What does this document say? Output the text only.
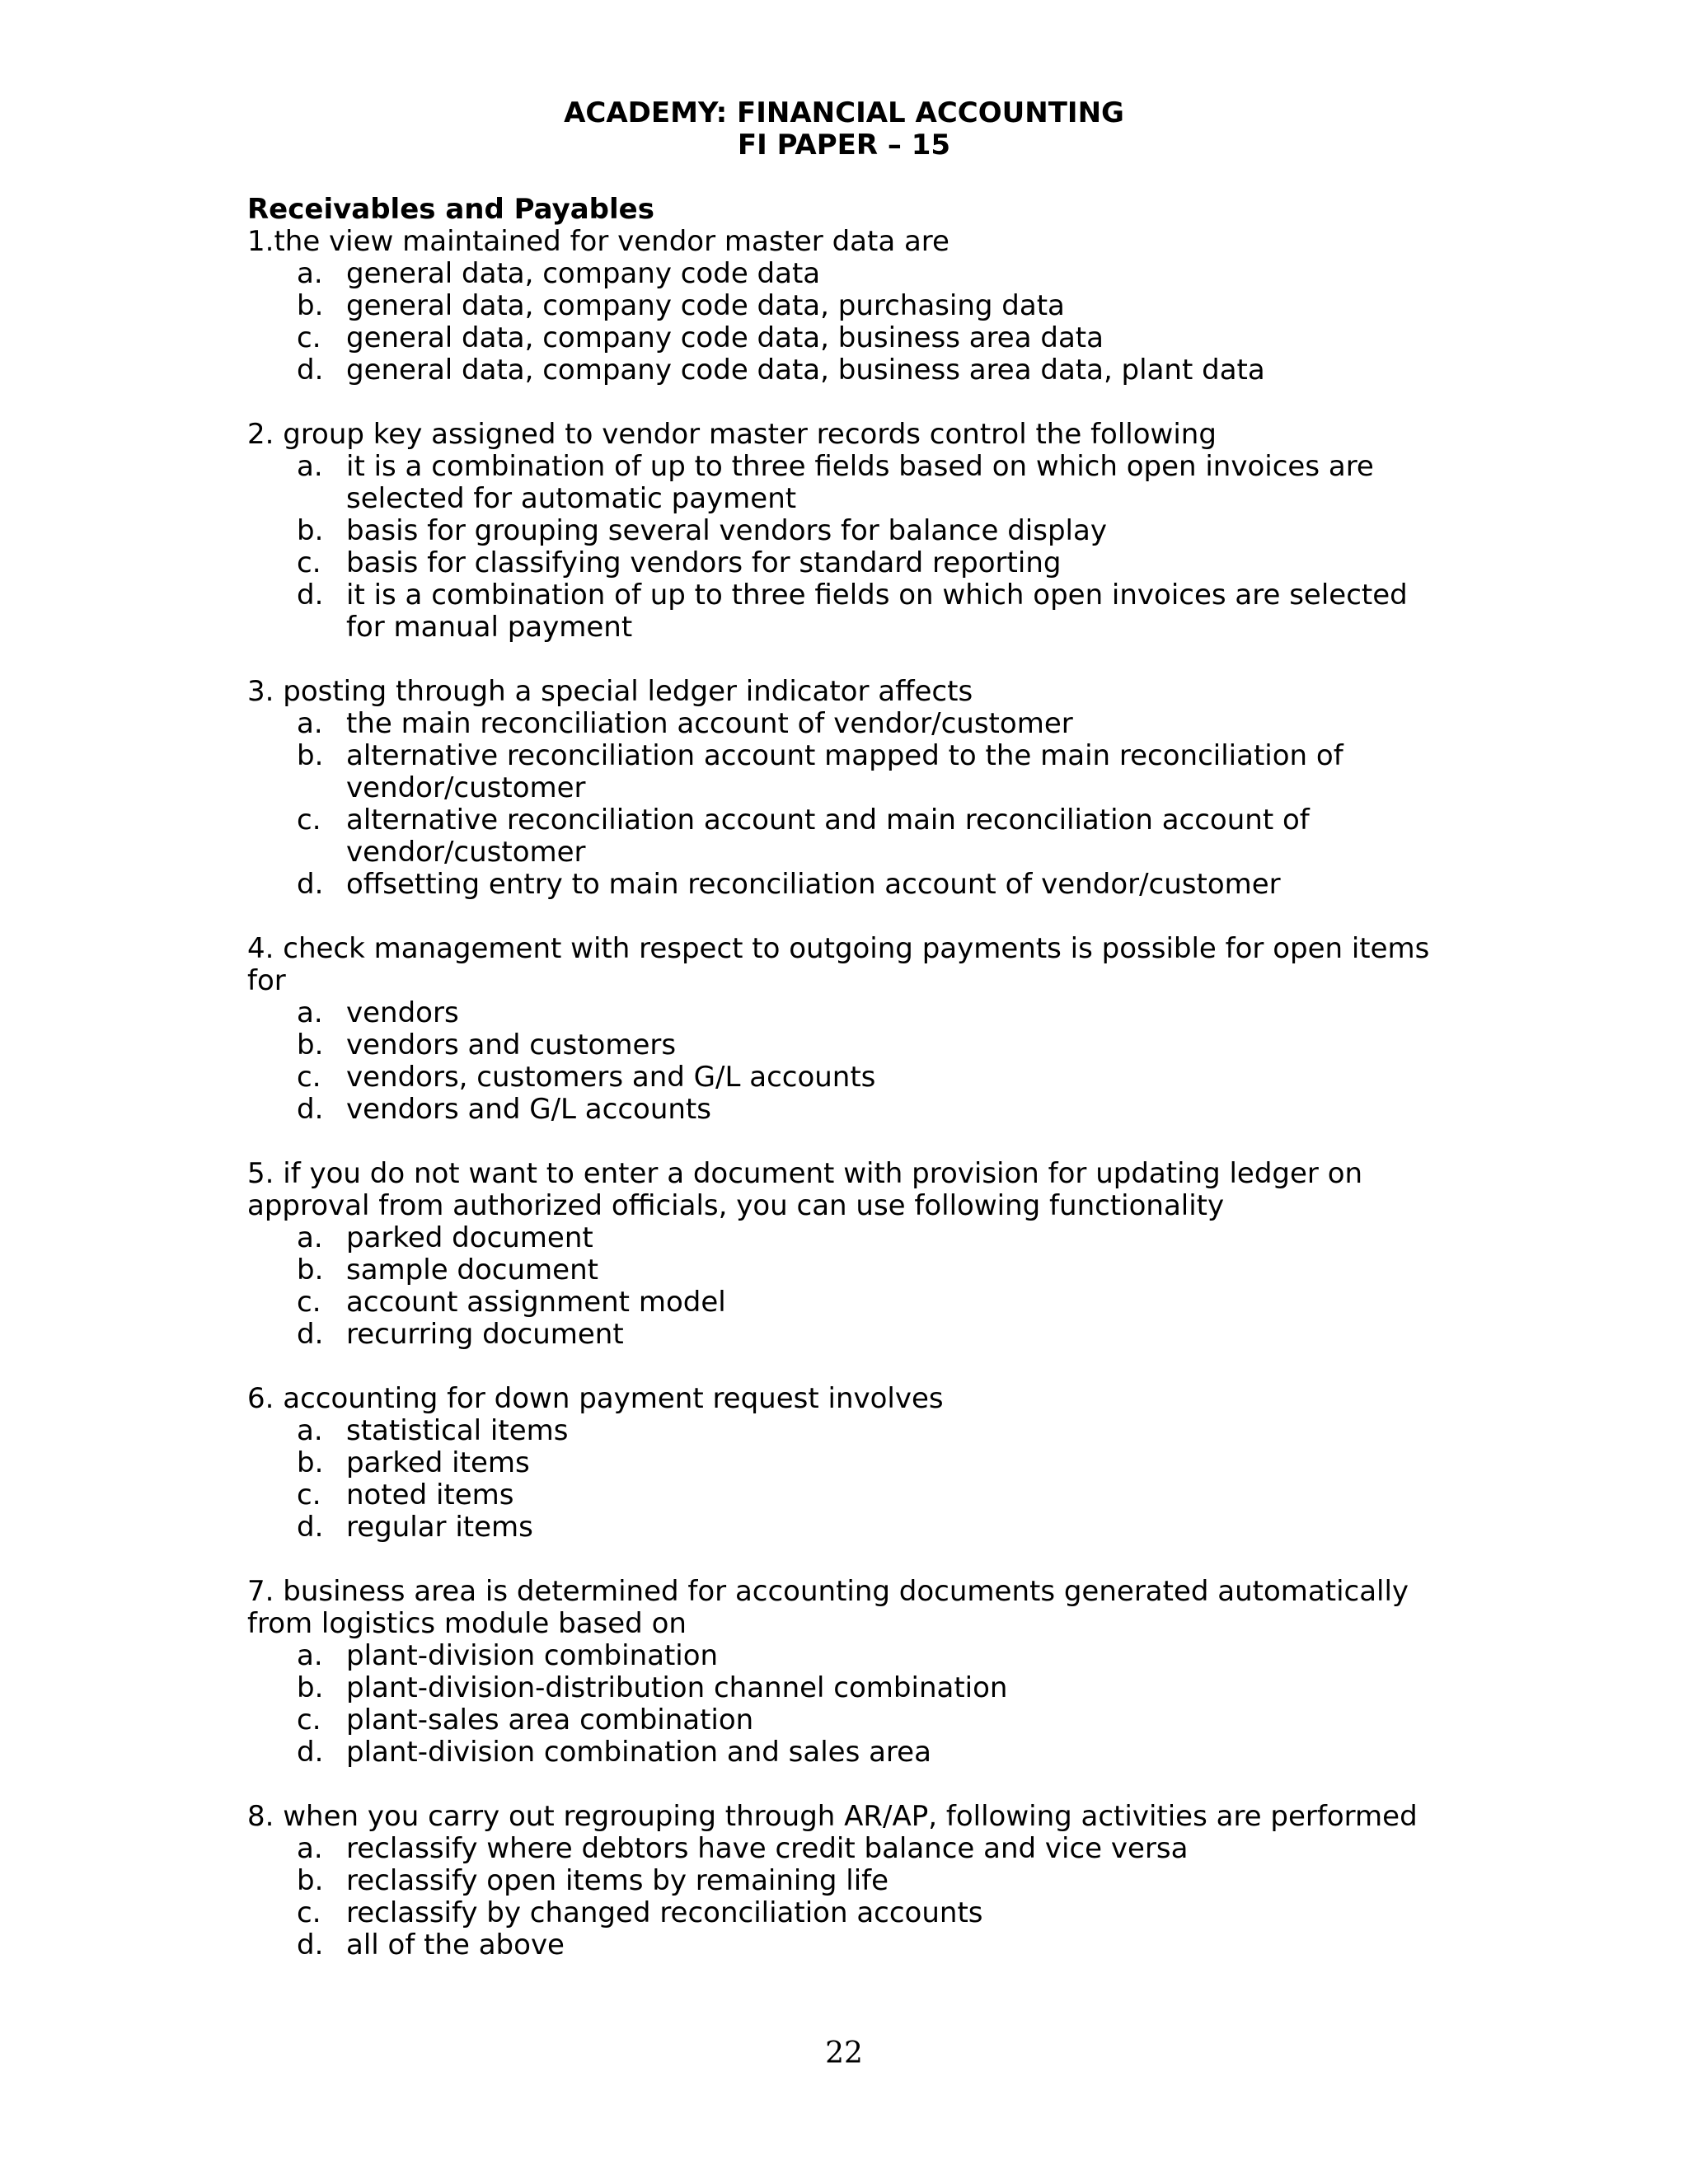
ACADEMY: FINANCIAL ACCOUNTING

FI PAPER – 15

Receivables and Payables

1.the view maintained for vendor master data are

a. general data, company code data
b. general data, company code data, purchasing data
c. general data, company code data, business area data
d. general data, company code data, business area data, plant data

2. group key assigned to vendor master records control the following

a. it is a combination of up to three fields based on which open invoices are selected for automatic payment
b. basis for grouping several vendors for balance display
c. basis for classifying vendors for standard reporting
d. it is a combination of up to three fields on which open invoices are selected for manual payment

3. posting through a special ledger indicator affects

a. the main reconciliation account of vendor/customer
b. alternative reconciliation account mapped to the main reconciliation of vendor/customer
c. alternative reconciliation account and main reconciliation account of vendor/customer
d. offsetting entry to main reconciliation account of vendor/customer

4. check management with respect to outgoing payments is possible for open items for

a. vendors
b. vendors and customers
c. vendors, customers and G/L accounts
d. vendors and G/L accounts

5. if you do not want to enter a document with provision for updating ledger on approval from authorized officials, you can use following functionality

a. parked document
b. sample document
c. account assignment model
d. recurring document

6. accounting for down payment request involves

a. statistical items
b. parked items
c. noted items
d. regular items

7. business area is determined for accounting documents generated automatically from logistics module based on

a. plant-division combination
b. plant-division-distribution channel combination
c. plant-sales area combination
d. plant-division combination and sales area

8. when you carry out regrouping through AR/AP, following activities are performed

a. reclassify where debtors have credit balance and vice versa
b. reclassify open items by remaining life
c. reclassify by changed reconciliation accounts
d. all of the above
22
